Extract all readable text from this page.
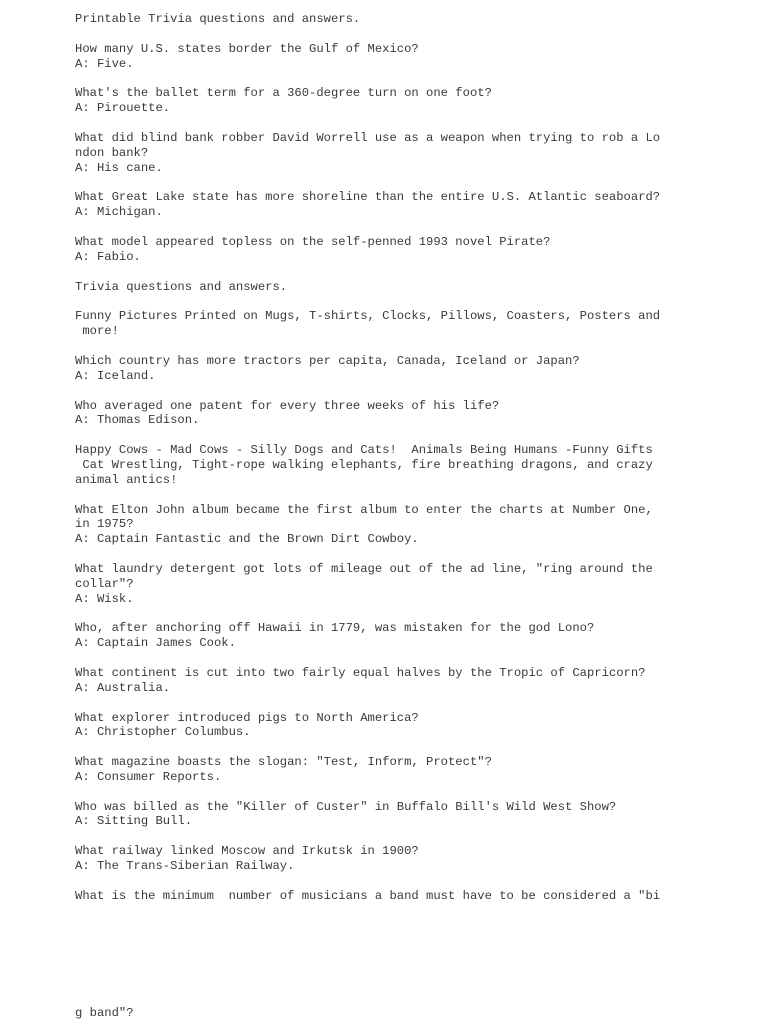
Printable Trivia questions and answers.
How many U.S. states border the Gulf of Mexico?
A: Five.
What's the ballet term for a 360-degree turn on one foot?
A: Pirouette.
What did blind bank robber David Worrell use as a weapon when trying to rob a Lo
ndon bank?
A: His cane.
What Great Lake state has more shoreline than the entire U.S. Atlantic seaboard?
A: Michigan.
What model appeared topless on the self-penned 1993 novel Pirate?
A: Fabio.
Trivia questions and answers.
Funny Pictures Printed on Mugs, T-shirts, Clocks, Pillows, Coasters, Posters and
more!
Which country has more tractors per capita, Canada, Iceland or Japan?
A: Iceland.
Who averaged one patent for every three weeks of his life?
A: Thomas Edison.
Happy Cows - Mad Cows - Silly Dogs and Cats!  Animals Being Humans -Funny Gifts
Cat Wrestling, Tight-rope walking elephants, fire breathing dragons, and crazy
animal antics!
What Elton John album became the first album to enter the charts at Number One,
in 1975?
A: Captain Fantastic and the Brown Dirt Cowboy.
What laundry detergent got lots of mileage out of the ad line, "ring around the
collar"?
A: Wisk.
Who, after anchoring off Hawaii in 1779, was mistaken for the god Lono?
A: Captain James Cook.
What continent is cut into two fairly equal halves by the Tropic of Capricorn?
A: Australia.
What explorer introduced pigs to North America?
A: Christopher Columbus.
What magazine boasts the slogan: "Test, Inform, Protect"?
A: Consumer Reports.
Who was billed as the "Killer of Custer" in Buffalo Bill's Wild West Show?
A: Sitting Bull.
What railway linked Moscow and Irkutsk in 1900?
A: The Trans-Siberian Railway.
What is the minimum  number of musicians a band must have to be considered a "bi
g band"?
